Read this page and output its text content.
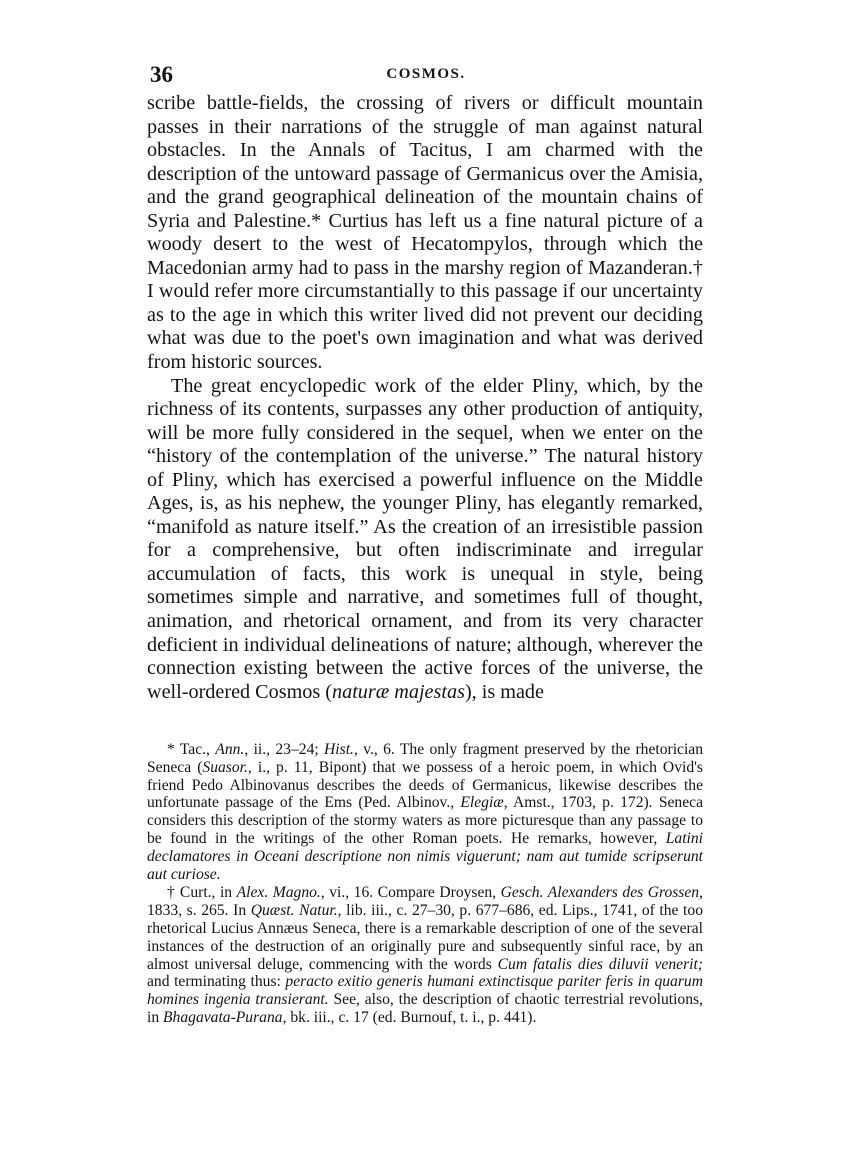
36	COSMOS.

scribe battle-fields, the crossing of rivers or difficult mountain passes in their narrations of the struggle of man against natural obstacles. In the Annals of Tacitus, I am charmed with the description of the untoward passage of Germanicus over the Amisia, and the grand geographical delineation of the mountain chains of Syria and Palestine.* Curtius has left us a fine natural picture of a woody desert to the west of Hecatompylos, through which the Macedonian army had to pass in the marshy region of Mazanderan.† I would refer more circumstantially to this passage if our uncertainty as to the age in which this writer lived did not prevent our deciding what was due to the poet's own imagination and what was derived from historic sources.

The great encyclopedic work of the elder Pliny, which, by the richness of its contents, surpasses any other production of antiquity, will be more fully considered in the sequel, when we enter on the “history of the contemplation of the universe.” The natural history of Pliny, which has exercised a powerful influence on the Middle Ages, is, as his nephew, the younger Pliny, has elegantly remarked, “manifold as nature itself.” As the creation of an irresistible passion for a comprehensive, but often indiscriminate and irregular accumulation of facts, this work is unequal in style, being sometimes simple and narrative, and sometimes full of thought, animation, and rhetorical ornament, and from its very character deficient in individual delineations of nature; although, wherever the connection existing between the active forces of the universe, the well-ordered Cosmos (naturæ majestas), is made

* Tac., Ann., ii., 23–24; Hist., v., 6. The only fragment preserved by the rhetorician Seneca (Suasor., i., p. 11, Bipont) that we possess of a heroic poem, in which Ovid's friend Pedo Albinovanus describes the deeds of Germanicus, likewise describes the unfortunate passage of the Ems (Ped. Albinov., Elegiæ, Amst., 1703, p. 172). Seneca considers this description of the stormy waters as more picturesque than any passage to be found in the writings of the other Roman poets. He remarks, however, Latini declamatores in Oceani descriptione non nimis viguerunt; nam aut tumide scripserunt aut curiose.

† Curt., in Alex. Magno., vi., 16. Compare Droysen, Gesch. Alexanders des Grossen, 1833, s. 265. In Quæst. Natur., lib. iii., c. 27–30, p. 677–686, ed. Lips., 1741, of the too rhetorical Lucius Annæus Seneca, there is a remarkable description of one of the several instances of the destruction of an originally pure and subsequently sinful race, by an almost universal deluge, commencing with the words Cum fatalis dies diluvii venerit; and terminating thus: peracto exitio generis humani extinctisque pariter feris in quarum homines ingenia transierant. See, also, the description of chaotic terrestrial revolutions, in Bhagavata-Purana, bk. iii., c. 17 (ed. Burnouf, t. i., p. 441).
